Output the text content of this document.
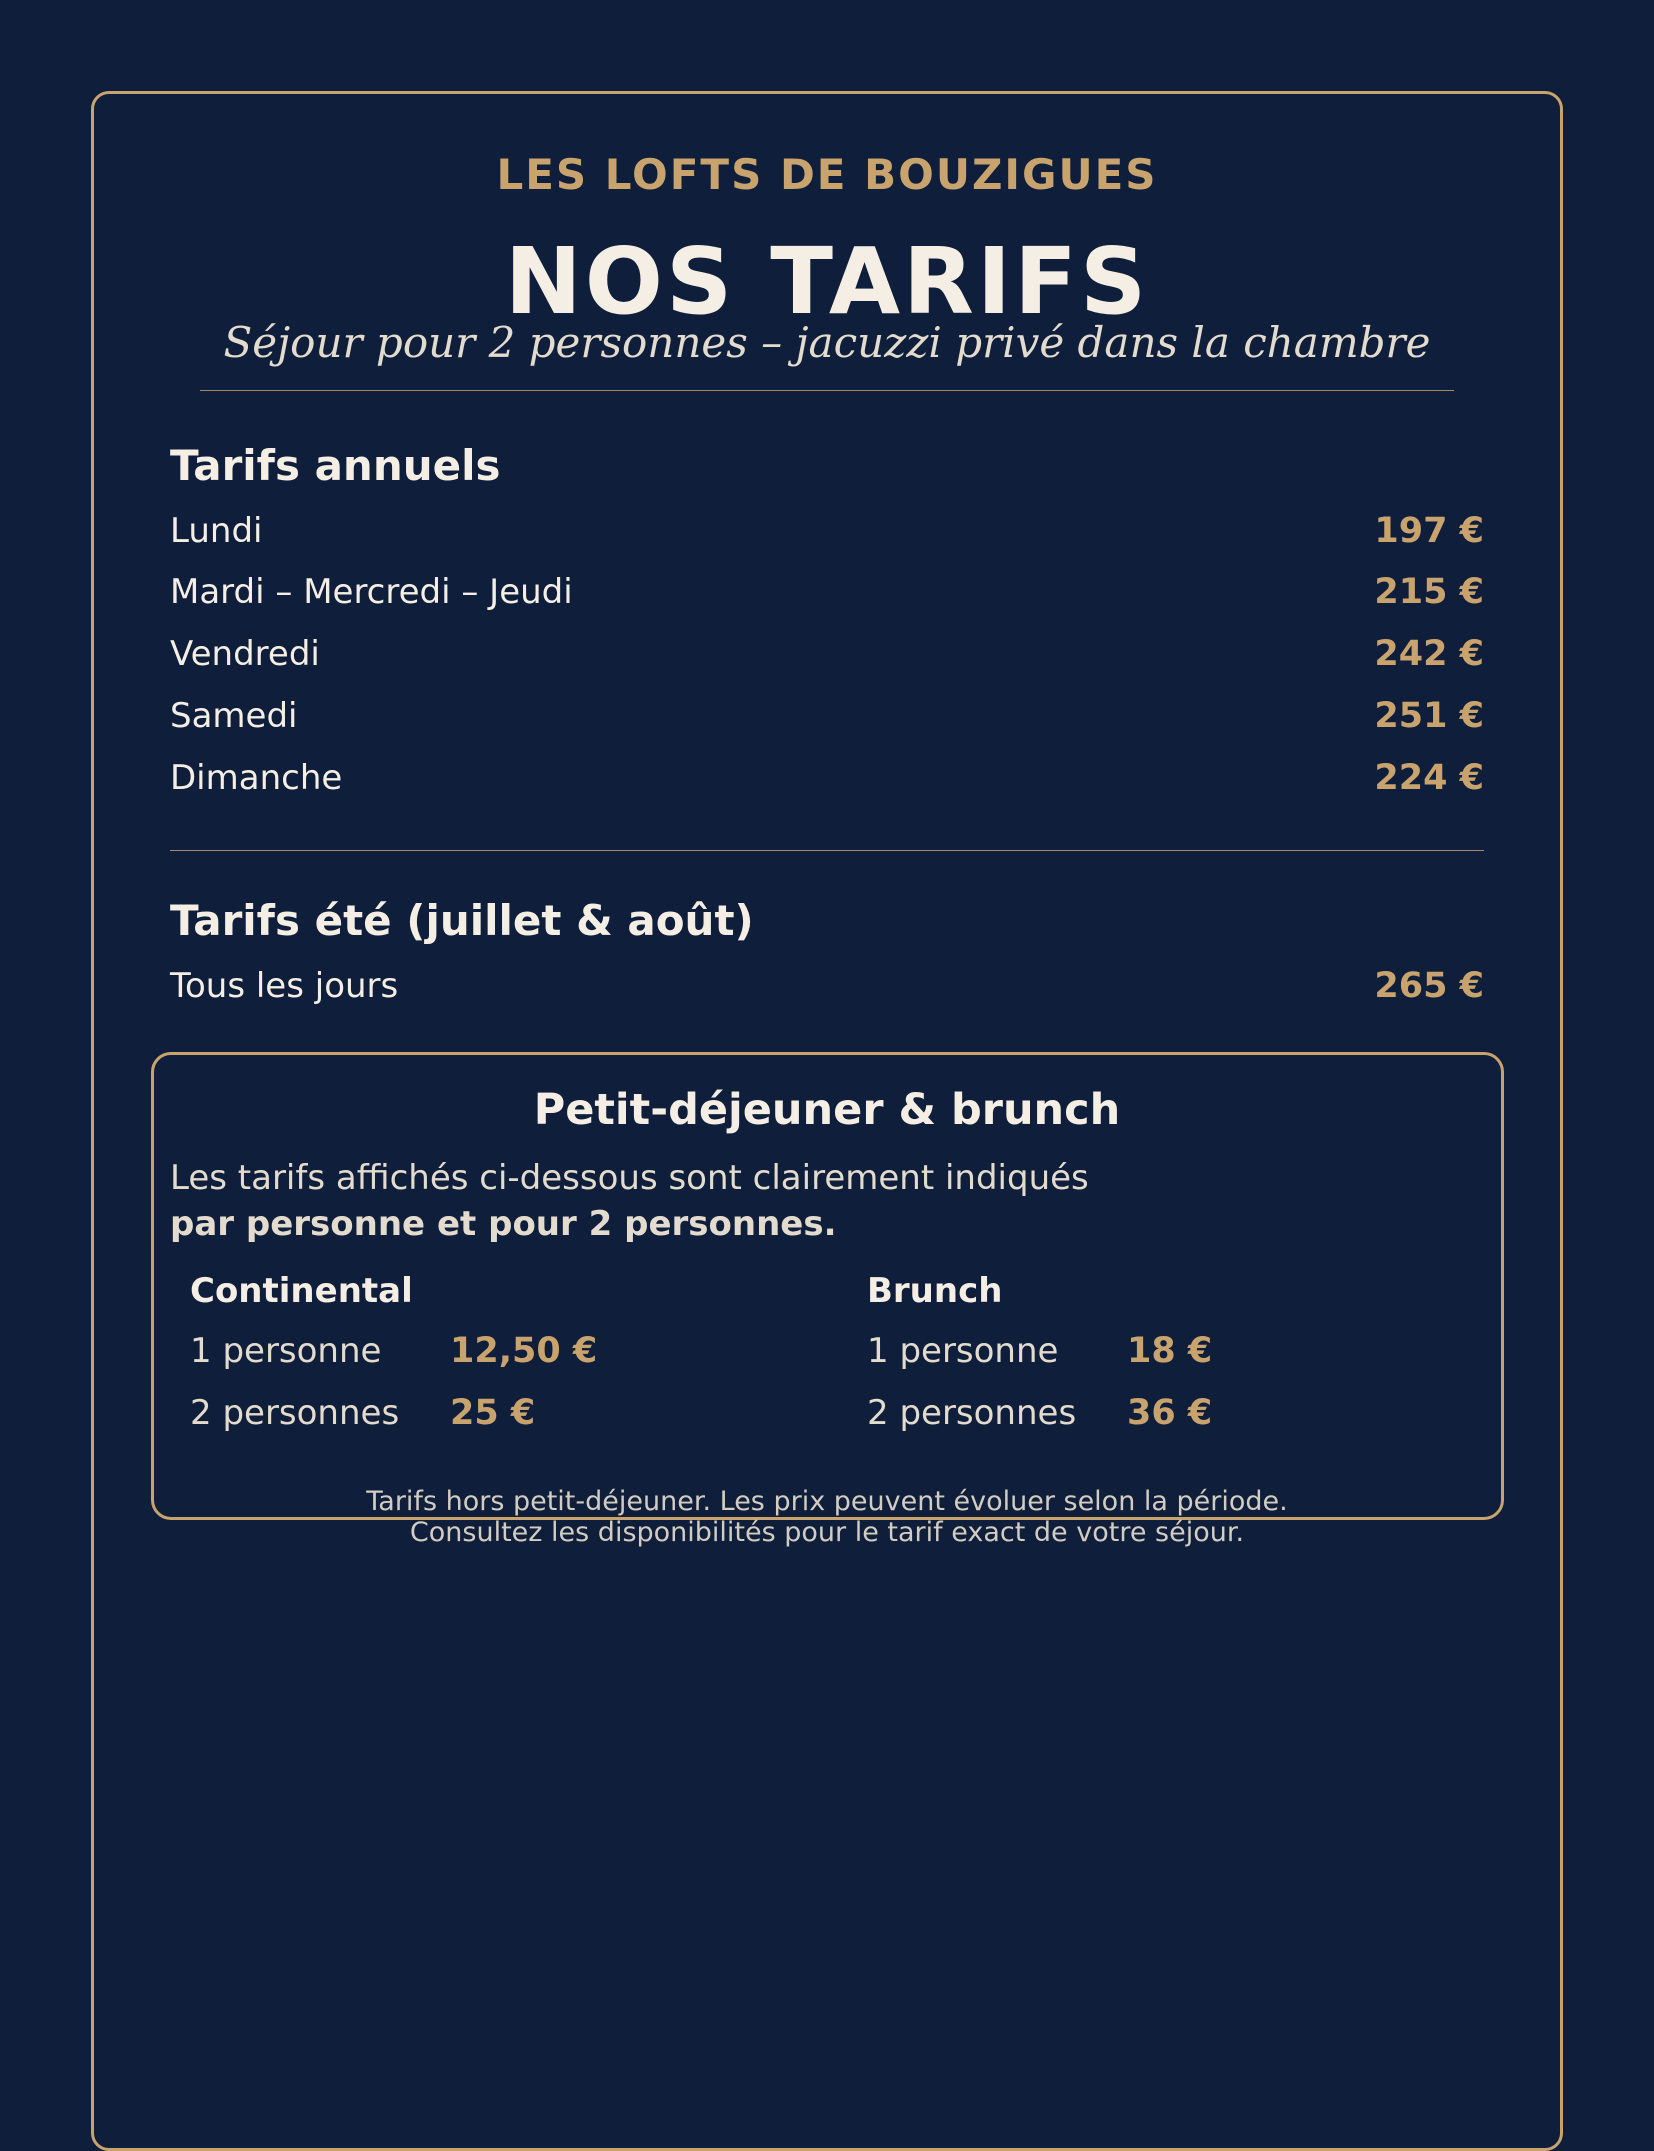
LES LOFTS DE BOUZIGUES
NOS TARIFS
Séjour pour 2 personnes – jacuzzi privé dans la chambre
Tarifs annuels
Lundi	197 €
Mardi – Mercredi – Jeudi	215 €
Vendredi	242 €
Samedi	251 €
Dimanche	224 €
Tarifs été (juillet & août)
Tous les jours	265 €
Petit-déjeuner & brunch
Les tarifs affichés ci-dessous sont clairement indiqués
par personne et pour 2 personnes.
Continental
1 personne	12,50 €
2 personnes	25 €
Brunch
1 personne	18 €
2 personnes	36 €
Tarifs hors petit-déjeuner. Les prix peuvent évoluer selon la période.
Consultez les disponibilités pour le tarif exact de votre séjour.
